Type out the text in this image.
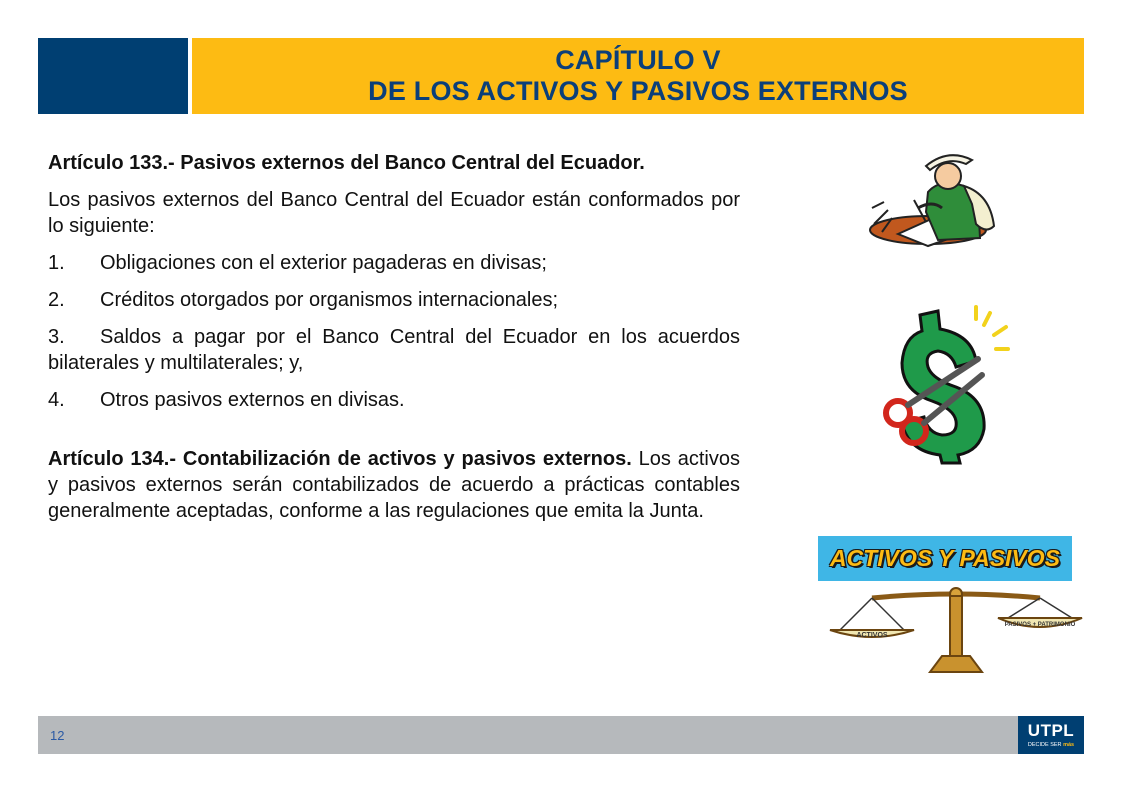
CAPÍTULO V
DE LOS ACTIVOS Y PASIVOS EXTERNOS

Artículo 133.- Pasivos externos del Banco Central del Ecuador.

Los pasivos externos del Banco Central del Ecuador están conformados por lo siguiente:

1. Obligaciones con el exterior pagaderas en divisas;

2. Créditos otorgados por organismos internacionales;

3. Saldos a pagar por el Banco Central del Ecuador en los acuerdos bilaterales y multilaterales; y,

4. Otros pasivos externos en divisas.

Artículo 134.- Contabilización de activos y pasivos externos. Los activos y pasivos externos serán contabilizados de acuerdo a prácticas contables generalmente aceptadas, conforme a las regulaciones que emita la Junta.

ACTIVOS Y PASIVOS
ACTIVOS
PASIVOS + PATRIMONIO
12	UTPL
DECIDE SER más
